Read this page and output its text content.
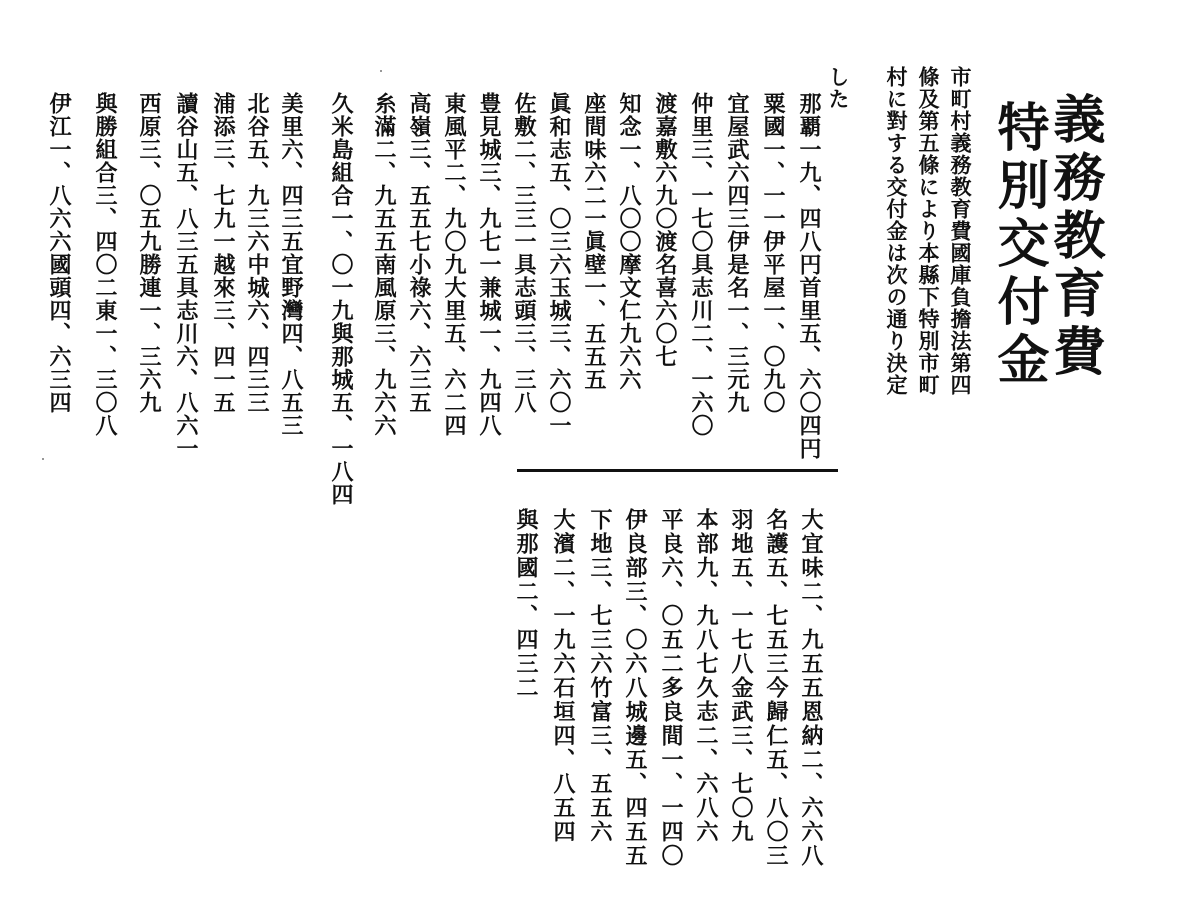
義務教育費
特別交付金
市町村義務教育費國庫負擔法第四
條及第五條により本縣下特別市町
村に對する交付金は次の通り決定
した
那覇一九、四八円首里五、六〇四円
粟國一、一一伊平屋一、〇九〇
宜屋武六四三伊是名一、三元九
仲里三、一七〇具志川二、一六〇
渡嘉敷六九〇渡名喜六〇七
知念一、八〇〇摩文仁九六六
座間味六二一眞壁一、五五五
眞和志五、〇三六玉城三、六〇一
佐敷二、三三一具志頭三、三八
豊見城三、九七一兼城一、九四八
東風平二、九〇九大里五、六二四
高嶺三、五五七小祿六、六三五
糸滿二、九五五南風原三、九六六
久米島組合一、〇一九與那城五、一八四
美里六、四三五宜野灣四、八五三
北谷五、九三六中城六、四三三
浦添三、七九一越來三、四一五
讀谷山五、八三五具志川六、八六一
西原三、〇五九勝連一、三六九
與勝組合三、四〇二東一、三〇八
伊江一、八六六國頭四、六三四
大宜味二、九五五恩納二、六六八
名護五、七五三今歸仁五、八〇三
羽地五、一七八金武三、七〇九
本部九、九八七久志二、六八六
平良六、〇五二多良間一、一四〇
伊良部三、〇六八城邊五、四五五
下地三、七三六竹富三、五五六
大濱二、一九六石垣四、八五四
與那國二、四三二
